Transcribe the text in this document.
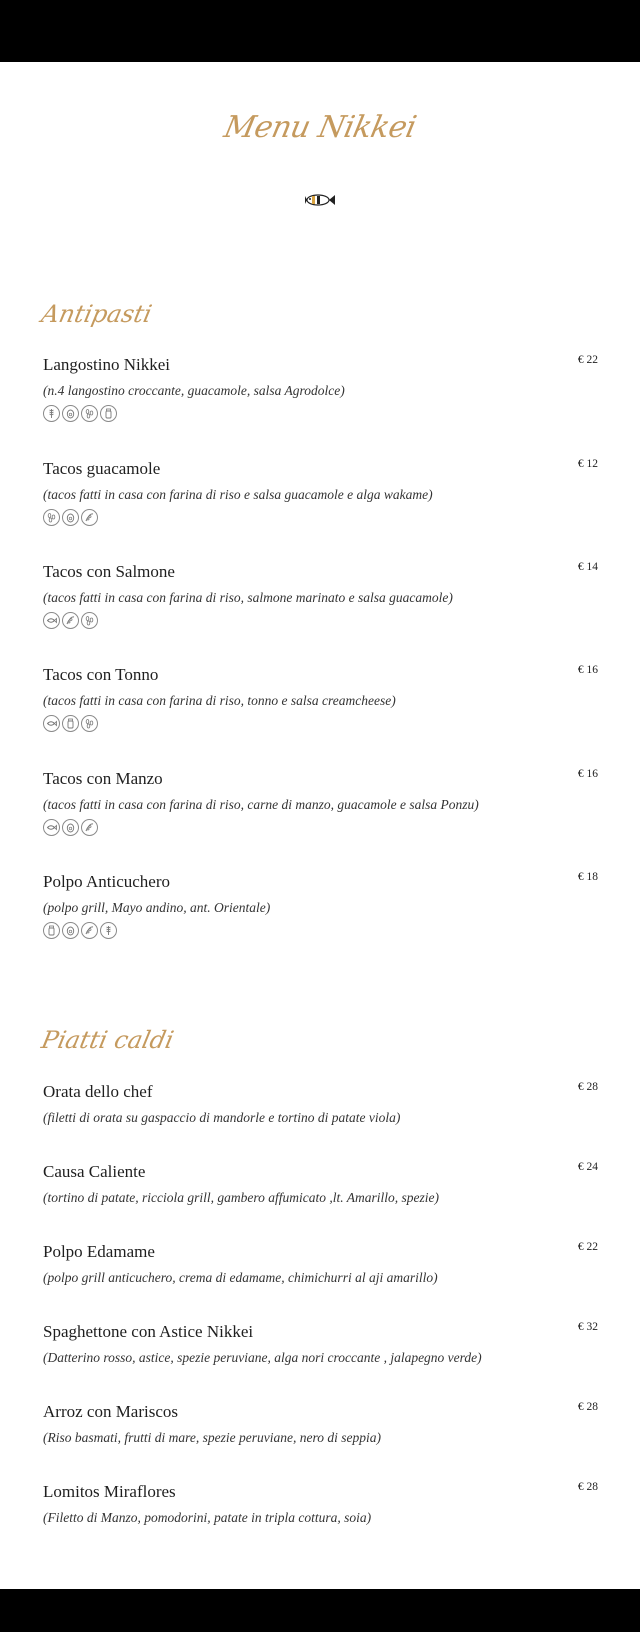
Menu Nikkei
Antipasti
Langostino Nikkei
(n.4 langostino croccante, guacamole, salsa Agrodolce)
€ 22
Tacos guacamole
(tacos fatti in casa con farina di riso e salsa guacamole e alga wakame)
€ 12
Tacos con Salmone
(tacos fatti in casa con farina di riso, salmone marinato e salsa guacamole)
€ 14
Tacos con Tonno
(tacos fatti in casa con farina di riso, tonno e salsa creamcheese)
€ 16
Tacos con Manzo
(tacos fatti in casa con farina di riso, carne di manzo, guacamole e salsa Ponzu)
€ 16
Polpo Anticuchero
(polpo grill, Mayo andino, ant. Orientale)
€ 18
Piatti caldi
Orata dello chef
(filetti di orata su gaspaccio di mandorle e tortino di patate viola)
€ 28
Causa Caliente
(tortino di patate, ricciola grill, gambero affumicato ,lt. Amarillo, spezie)
€ 24
Polpo Edamame
(polpo grill anticuchero, crema di edamame, chimichurri al aji amarillo)
€ 22
Spaghettone con Astice Nikkei
(Datterino rosso, astice, spezie peruviane, alga nori croccante , jalapegno verde)
€ 32
Arroz con Mariscos
(Riso basmati, frutti di mare, spezie peruviane, nero di seppia)
€ 28
Lomitos Miraflores
(Filetto di Manzo, pomodorini, patate in tripla cottura, soia)
€ 28
